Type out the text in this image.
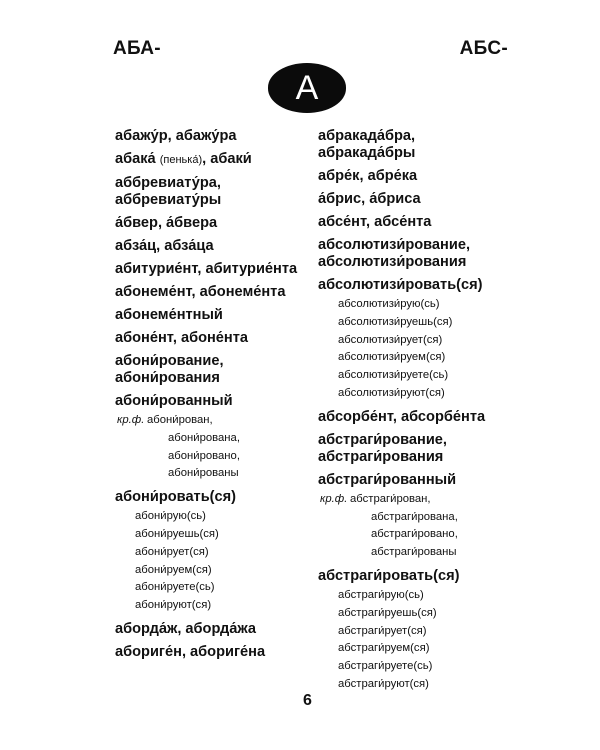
АБА-	АБС-
А
абажу́р, абажу́ра
абака́ (пенька́), абаки́
аббревиату́ра,
аббревиату́ры
а́бвер, а́бвера
абза́ц, абза́ца
абитурие́нт, абитурие́нта
абонеме́нт, абонеме́нта
абонеме́нтный
абоне́нт, абоне́нта
абони́рование,
абони́рования
абони́рованный
кр.ф. абони́рован,
абони́рована,
абони́ровано,
абони́рованы
абони́ровать(ся)
абони́рую(сь)
абони́руешь(ся)
абони́рует(ся)
абони́руем(ся)
абони́руете(сь)
абони́руют(ся)
аборда́ж, аборда́жа
абориге́н, абориге́на
абракада́бра,
абракада́бры
абре́к, абре́ка
а́брис, а́бриса
абсе́нт, абсе́нта
абсолютизи́рование,
абсолютизи́рования
абсолютизи́ровать(ся)
абсолютизи́рую(сь)
абсолютизи́руешь(ся)
абсолютизи́рует(ся)
абсолютизи́руем(ся)
абсолютизи́руете(сь)
абсолютизи́руют(ся)
абсорбе́нт, абсорбе́нта
абстраги́рование,
абстраги́рования
абстраги́рованный
кр.ф. абстраги́рован,
абстраги́рована,
абстраги́ровано,
абстраги́рованы
абстраги́ровать(ся)
абстраги́рую(сь)
абстраги́руешь(ся)
абстраги́рует(ся)
абстраги́руем(ся)
абстраги́руете(сь)
абстраги́руют(ся)
6
